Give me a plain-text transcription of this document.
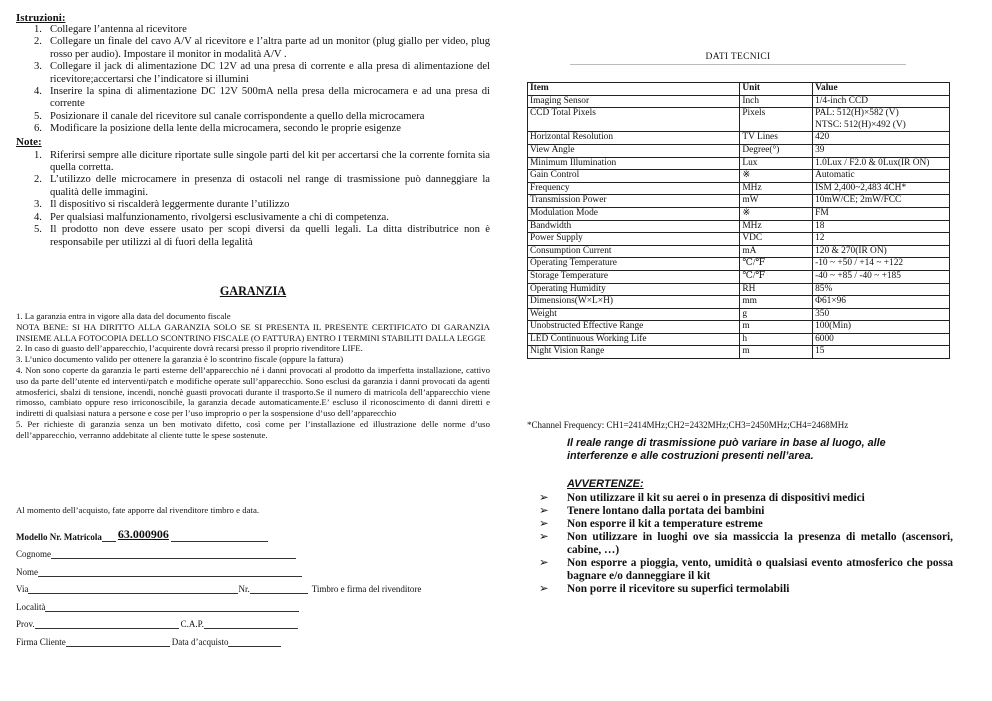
Istruzioni:
1. Collegare l’antenna al ricevitore
2. Collegare un finale del cavo A/V al ricevitore e l’altra parte ad un monitor (plug giallo per video, plug rosso per audio). Impostare il monitor in modalità A/V .
3. Collegare il jack di alimentazione DC 12V ad una presa di corrente e alla presa di alimentazione del ricevitore;accertarsi che l’indicatore si illumini
4. Inserire la spina di alimentazione DC 12V 500mA nella presa della microcamera e ad una presa di corrente
5. Posizionare il canale del ricevitore sul canale corrispondente a quello della microcamera
6. Modificare la posizione della lente della microcamera, secondo le proprie esigenze
Note:
1. Riferirsi sempre alle diciture riportate sulle singole parti del kit per accertarsi che la corrente fornita sia quella corretta.
2. L’utilizzo delle microcamere in presenza di ostacoli nel range di trasmissione può danneggiare la qualità delle immagini.
3. Il dispositivo si riscalderà leggermente durante l’utilizzo
4. Per qualsiasi malfunzionamento, rivolgersi esclusivamente a chi di competenza.
5. Il prodotto non deve essere usato per scopi diversi da quelli legali. La ditta distributrice non è responsabile per utilizzi al di fuori della legalità
GARANZIA

1. La garanzia entra in vigore alla data del documento fiscale

NOTA BENE: SI HA DIRITTO ALLA GARANZIA SOLO SE SI PRESENTA IL PRESENTE CERTIFICATO DI GARANZIA INSIEME ALLA FOTOCOPIA DELLO SCONTRINO FISCALE (O FATTURA) ENTRO I TERMINI STABILITI DALLA LEGGE

2. In caso di guasto dell’apparecchio, l’acquirente dovrà recarsi presso il proprio rivenditore LIFE.

3. L’unico documento valido per ottenere la garanzia è lo scontrino fiscale (oppure la fattura)

4. Non sono coperte da garanzia le parti esterne dell’apparecchio né i danni provocati al prodotto da imperfetta installazione, cattivo uso da parte dell’utente ed interventi/patch e modifiche operate sull’apparecchio. Sono esclusi da garanzia i danni provocati da agenti atmosferici, sbalzi di tensione, incendi, nonchè guasti provocati durante il trasporto.Se il numero di matricola dell’apparecchio viene rimosso, cambiato oppure reso irriconoscibile, la garanzia decade automaticamente.E’ escluso il riconoscimento di danni diretti e indiretti di qualsiasi natura a persone e cose per l’uso improprio o per la sospensione d’uso dell’apparecchio

5. Per richieste di garanzia senza un ben motivato difetto, così come per l’installazione ed illustrazione delle norme d’uso dell’apparecchio, verranno addebitate al cliente tutte le spese sostenute.

Al momento dell’acquisto, fate apporre dal rivenditore timbro e data.
Modello Nr. Matricola 63.000906
Cognome
Nome
Via	Nr.	Timbro e firma del rivenditore
Località
Prov.	C.A.P.
Firma Cliente	Data d’acquisto
DATI TECNICI
Item	Unit	Value
Imaging Sensor	Inch	1/4-inch CCD
CCD Total Pixels	Pixels	PAL: 512(H)×582 (V)
NTSC: 512(H)×492 (V)
Horizontal Resolution	TV Lines	420
View Angle	Degree(°)	39
Minimum Illumination	Lux	1.0Lux / F2.0 & 0Lux(IR ON)
Gain Control	※	Automatic
Frequency	MHz	ISM 2,400~2,483 4CH*
Transmission Power	mW	10mW/CE; 2mW/FCC
Modulation Mode	※	FM
Bandwidth	MHz	18
Power Supply	VDC	12
Consumption Current	mA	120 & 270(IR ON)
Operating Temperature	℃/℉	-10 ~ +50 / +14 ~ +122
Storage Temperature	℃/℉	-40 ~ +85 / -40 ~ +185
Operating Humidity	RH	85%
Dimensions(W×L×H)	mm	Φ61×96
Weight	g	350
Unobstructed Effective Range	m	100(Min)
LED Continuous Working Life	h	6000
Night Vision Range	m	15
*Channel Frequency: CH1=2414MHz;CH2=2432MHz;CH3=2450MHz;CH4=2468MHz
Il reale range di trasmissione può variare in base al luogo, alle interferenze e alle costruzioni presenti nell’area.
AVVERTENZE:
➢ Non utilizzare il kit su aerei o in presenza di dispositivi medici
➢ Tenere lontano dalla portata dei bambini
➢ Non esporre il kit a temperature estreme
➢ Non utilizzare in luoghi ove sia massiccia la presenza di metallo (ascensori, cabine, …)
➢ Non esporre a pioggia, vento, umidità o qualsiasi evento atmosferico che possa bagnare e/o danneggiare il kit
➢ Non porre il ricevitore su superfici termolabili
